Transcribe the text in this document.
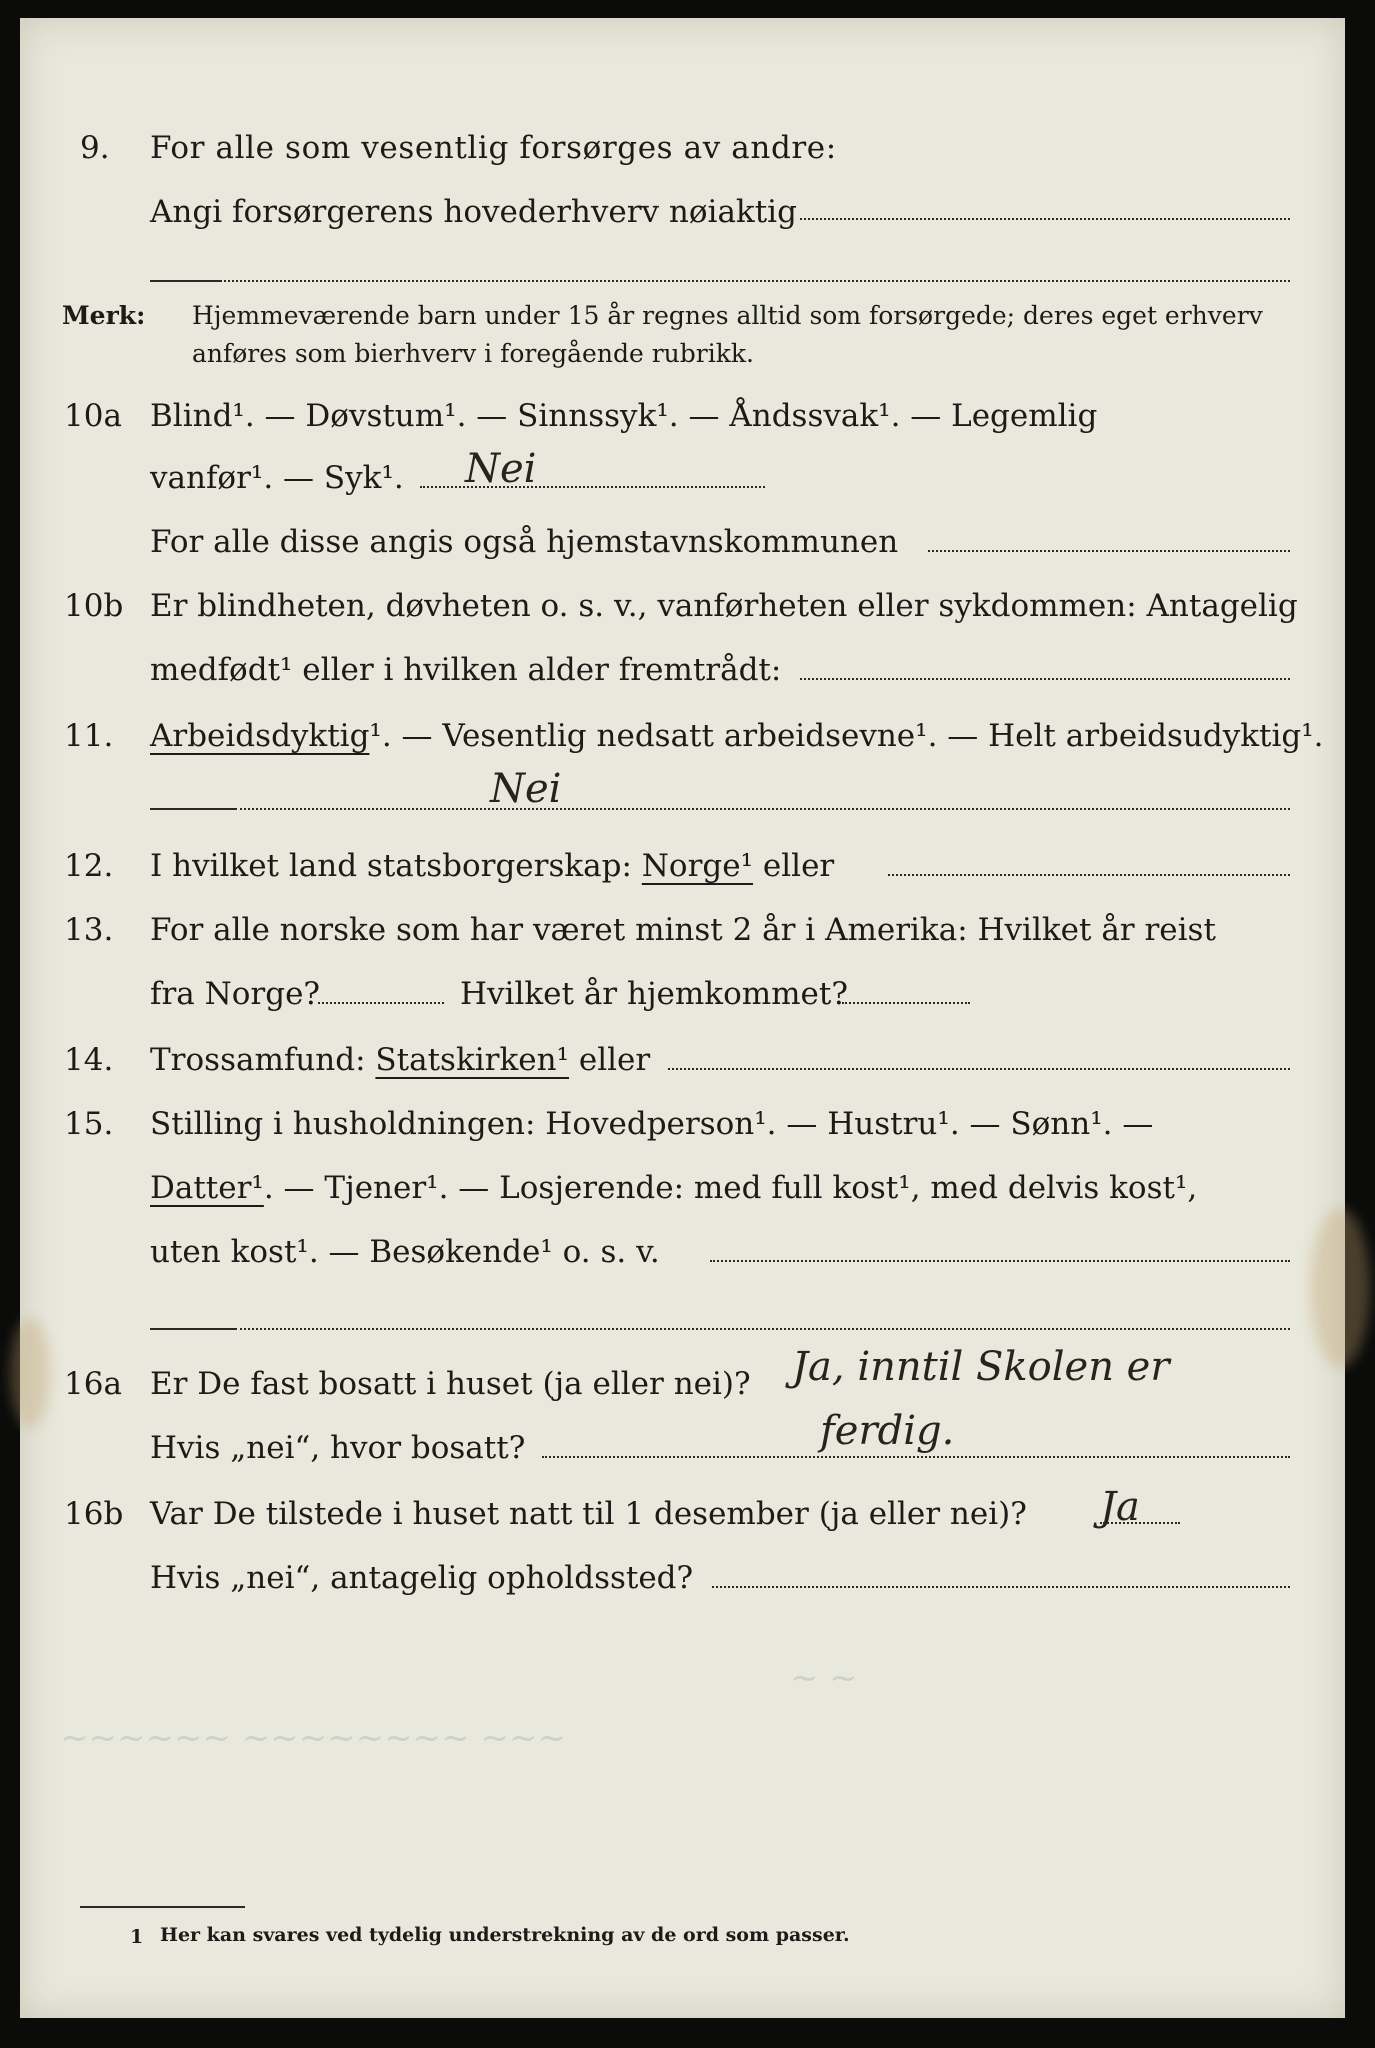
~ ~
~~~~~~ ~~~~~~~~ ~~~
9. For alle som vesentlig forsørges av andre:
Angi forsørgerens hovederhverv nøiaktig
Merk: Hjemmeværende barn under 15 år regnes alltid som forsørgede; deres eget erhverv
anføres som bierhverv i foregående rubrikk.
10a Blind¹. — Døvstum¹. — Sinnssyk¹. — Åndssvak¹. — Legemlig
vanfør¹. — Syk¹. Nei
For alle disse angis også hjemstavnskommunen
10b Er blindheten, døvheten o. s. v., vanførheten eller sykdommen: Antagelig
medfødt¹ eller i hvilken alder fremtrådt:
11. Arbeidsdyktig¹. — Vesentlig nedsatt arbeidsevne¹. — Helt arbeidsudyktig¹.
Nei
12. I hvilket land statsborgerskap: Norge¹ eller
13. For alle norske som har været minst 2 år i Amerika: Hvilket år reist
fra Norge?	Hvilket år hjemkommet?
14. Trossamfund: Statskirken¹ eller
15. Stilling i husholdningen: Hovedperson¹. — Hustru¹. — Sønn¹. —
Datter¹. — Tjener¹. — Losjerende: med full kost¹, med delvis kost¹,
uten kost¹. — Besøkende¹ o. s. v.
16a Er De fast bosatt i huset (ja eller nei)? Ja, inntil Skolen er
Hvis „nei“, hvor bosatt?	ferdig.
16b Var De tilstede i huset natt til 1 desember (ja eller nei)? Ja
Hvis „nei“, antagelig opholdssted?
1 Her kan svares ved tydelig understrekning av de ord som passer.
